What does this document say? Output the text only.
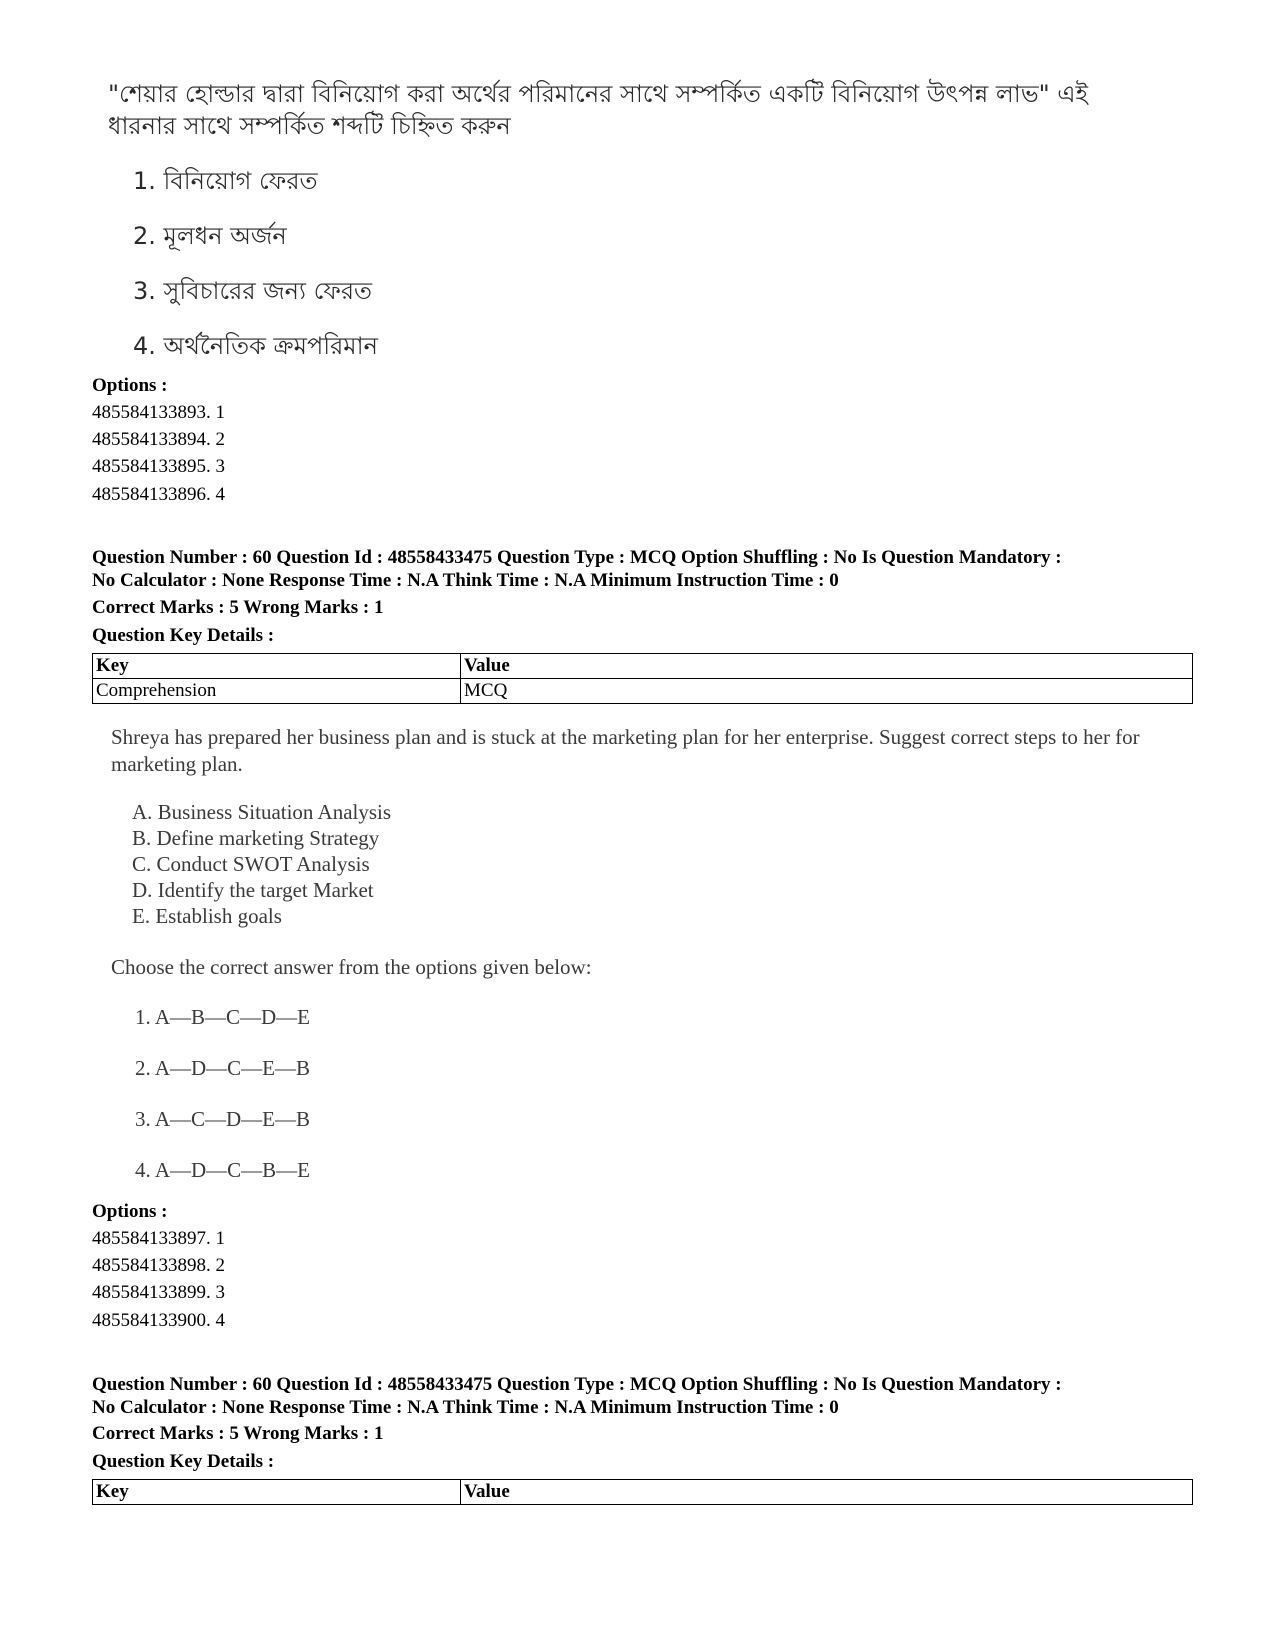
"শেয়ার হোল্ডার দ্বারা বিনিয়োগ করা অর্থের পরিমানের সাথে সম্পর্কিত একটি বিনিয়োগ উৎপন্ন লাভ" এই ধারনার সাথে সম্পর্কিত শব্দটি চিহ্নিত করুন
1. বিনিয়োগ ফেরত
2. মূলধন অর্জন
3. সুবিচারের জন্য ফেরত
4. অর্থনৈতিক ক্রমপরিমান
Options :
485584133893. 1
485584133894. 2
485584133895. 3
485584133896. 4
Question Number : 60 Question Id : 48558433475 Question Type : MCQ Option Shuffling : No Is Question Mandatory :
No Calculator : None Response Time : N.A Think Time : N.A Minimum Instruction Time : 0
Correct Marks : 5 Wrong Marks : 1
Question Key Details :
Key	Value
Comprehension	MCQ
Shreya has prepared her business plan and is stuck at the marketing plan for her enterprise. Suggest correct steps to her for marketing plan.
A. Business Situation Analysis
B. Define marketing Strategy
C. Conduct SWOT Analysis
D. Identify the target Market
E. Establish goals
Choose the correct answer from the options given below:
1. A—B—C—D—E
2. A—D—C—E—B
3. A—C—D—E—B
4. A—D—C—B—E
Options :
485584133897. 1
485584133898. 2
485584133899. 3
485584133900. 4
Question Number : 60 Question Id : 48558433475 Question Type : MCQ Option Shuffling : No Is Question Mandatory :
No Calculator : None Response Time : N.A Think Time : N.A Minimum Instruction Time : 0
Correct Marks : 5 Wrong Marks : 1
Question Key Details :
Key	Value
